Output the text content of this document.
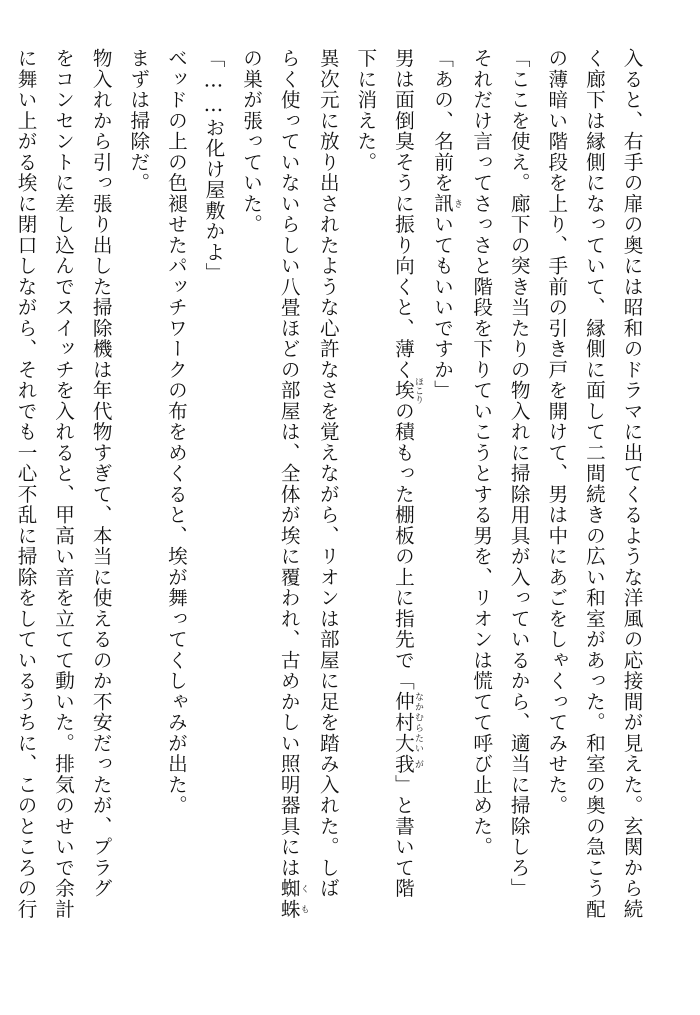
入ると、右手の扉の奥には昭和のドラマに出てくるような洋風の応接間が見えた。玄関から続

く廊下は縁側になっていて、縁側に面して二間続きの広い和室があった。和室の奥の急こう配

の薄暗い階段を上り、手前の引き戸を開けて、男は中にあごをしゃくってみせた。

「ここを使え。廊下の突き当たりの物入れに掃除用具が入っているから、適当に掃除しろ」

それだけ言ってさっさと階段を下りていこうとする男を、リオンは慌てて呼び止めた。

「あの、名前を訊きいてもいいですか」

男は面倒臭そうに振り向くと、薄く埃ほこりの積もった棚板の上に指先で「仲村なかむら大たい我が」と書いて階

下に消えた。

異次元に放り出されたような心許なさを覚えながら、リオンは部屋に足を踏み入れた。しば

らく使っていないらしい八畳ほどの部屋は、全体が埃に覆われ、古めかしい照明器具には蜘蛛くも

の巣が張っていた。

「……お化け屋敷かよ」

ベッドの上の色褪せたパッチワークの布をめくると、埃が舞ってくしゃみが出た。

まずは掃除だ。

物入れから引っ張り出した掃除機は年代物すぎて、本当に使えるのか不安だったが、プラグ

をコンセントに差し込んでスイッチを入れると、甲高い音を立てて動いた。排気のせいで余計

に舞い上がる埃に閉口しながら、それでも一心不乱に掃除をしているうちに、このところの行
